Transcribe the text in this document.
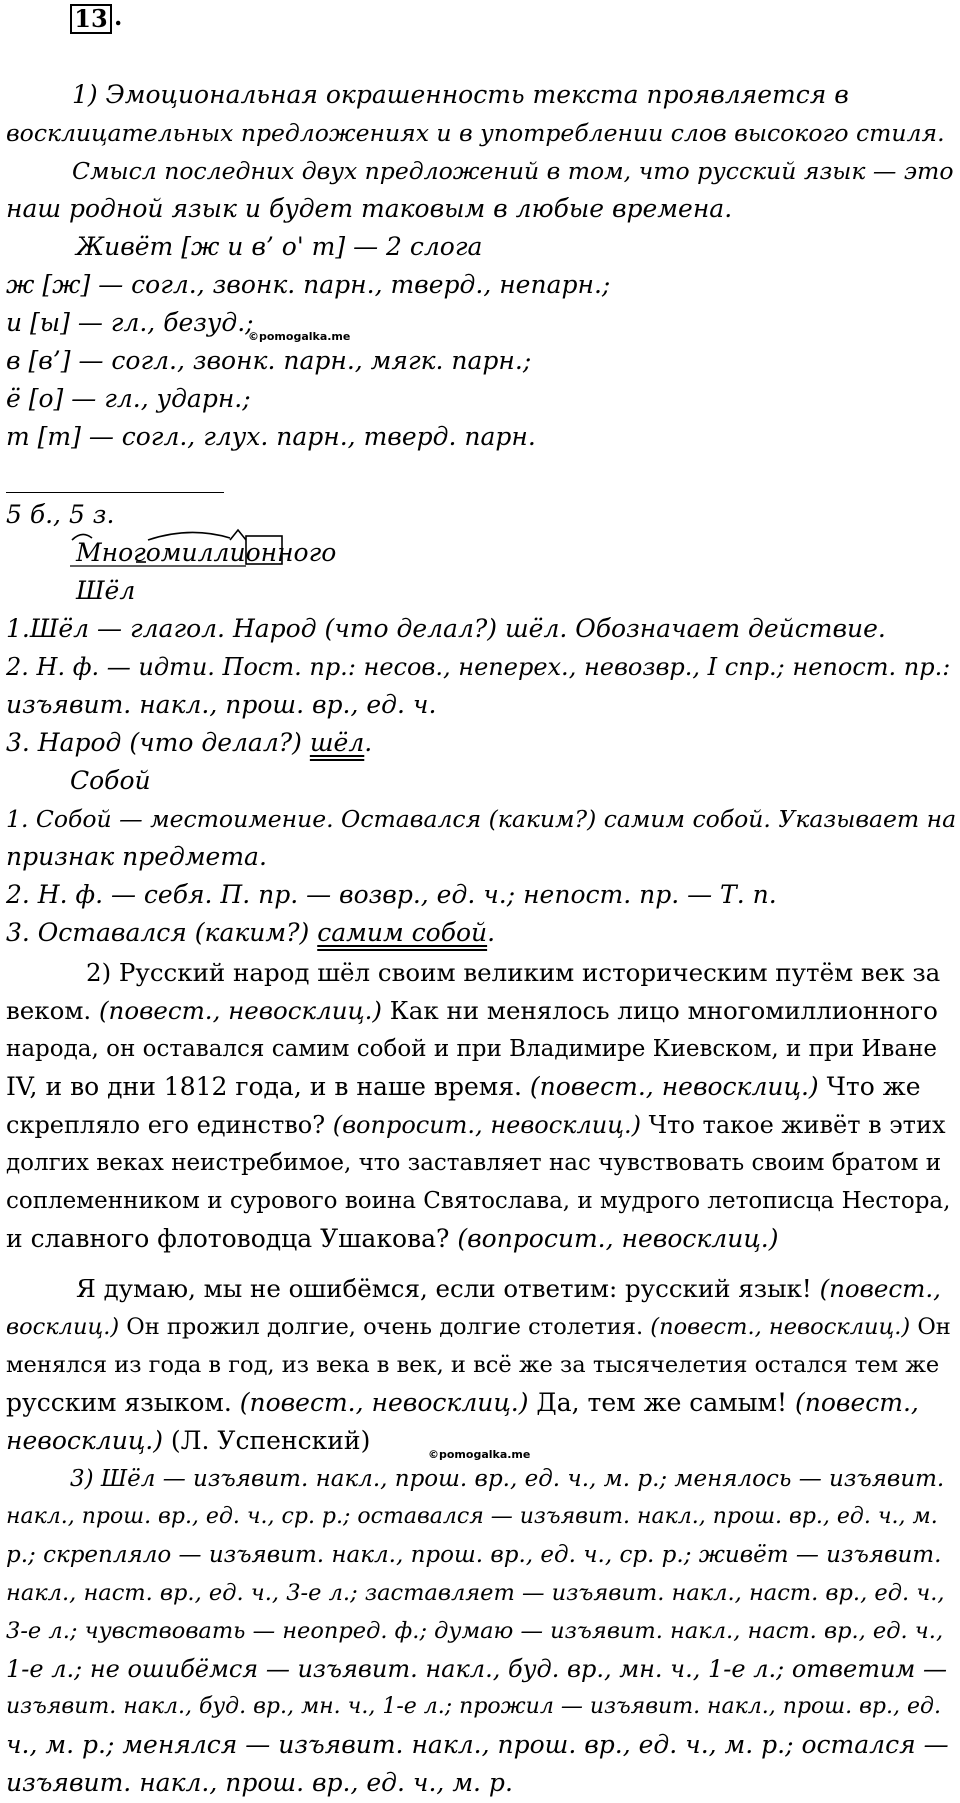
13 .
1) Эмоциональная окрашенность текста проявляется в
восклицательных предложениях и в употреблении слов высокого стиля.
Смысл последних двух предложений в том, что русский язык — это
наш родной язык и будет таковым в любые времена.
Живёт [ж и в’ о' т] — 2 слога
ж [ж] — согл., звонк. парн., тверд., непарн.;
и [ы] — гл., безуд.;
©pomogalka.me
в [в’] — согл., звонк. парн., мягк. парн.;
ё [о] — гл., ударн.;
т [т] — согл., глух. парн., тверд. парн.
5 б., 5 з.
Многомиллионного
Шёл
1.Шёл — глагол. Народ (что делал?) шёл. Обозначает действие.
2. Н. ф. — идти. Пост. пр.: несов., неперех., невозвр., I спр.; непост. пр.:
изъявит. накл., прош. вр., ед. ч.
3. Народ (что делал?) шёл.
Собой
1. Собой — местоимение. Оставался (каким?) самим собой. Указывает на
признак предмета.
2. Н. ф. — себя. П. пр. — возвр., ед. ч.; непост. пр. — Т. п.
3. Оставался (каким?) самим собой.
2) Русский народ шёл своим великим историческим путём век за
веком. (повест., невосклиц.) Как ни менялось лицо многомиллионного
народа, он оставался самим собой и при Владимире Киевском, и при Иване
IV, и во дни 1812 года, и в наше время. (повест., невосклиц.) Что же
скрепляло его единство? (вопросит., невосклиц.) Что такое живёт в этих
долгих веках неистребимое, что заставляет нас чувствовать своим братом и
соплеменником и сурового воина Святослава, и мудрого летописца Нестора,
и славного флотоводца Ушакова? (вопросит., невосклиц.)
Я думаю, мы не ошибёмся, если ответим: русский язык! (повест.,
восклиц.) Он прожил долгие, очень долгие столетия. (повест., невосклиц.) Он
менялся из года в год, из века в век, и всё же за тысячелетия остался тем же
русским языком. (повест., невосклиц.) Да, тем же самым! (повест.,
невосклиц.) (Л. Успенский)	©pomogalka.me
3) Шёл — изъявит. накл., прош. вр., ед. ч., м. р.; менялось — изъявит.
накл., прош. вр., ед. ч., ср. р.; оставался — изъявит. накл., прош. вр., ед. ч., м.
р.; скрепляло — изъявит. накл., прош. вр., ед. ч., ср. р.; живёт — изъявит.
накл., наст. вр., ед. ч., 3-е л.; заставляет — изъявит. накл., наст. вр., ед. ч.,
3-е л.; чувствовать — неопред. ф.; думаю — изъявит. накл., наст. вр., ед. ч.,
1-е л.; не ошибёмся — изъявит. накл., буд. вр., мн. ч., 1-е л.; ответим —
изъявит. накл., буд. вр., мн. ч., 1-е л.; прожил — изъявит. накл., прош. вр., ед.
ч., м. р.; менялся — изъявит. накл., прош. вр., ед. ч., м. р.; остался —
изъявит. накл., прош. вр., ед. ч., м. р.
